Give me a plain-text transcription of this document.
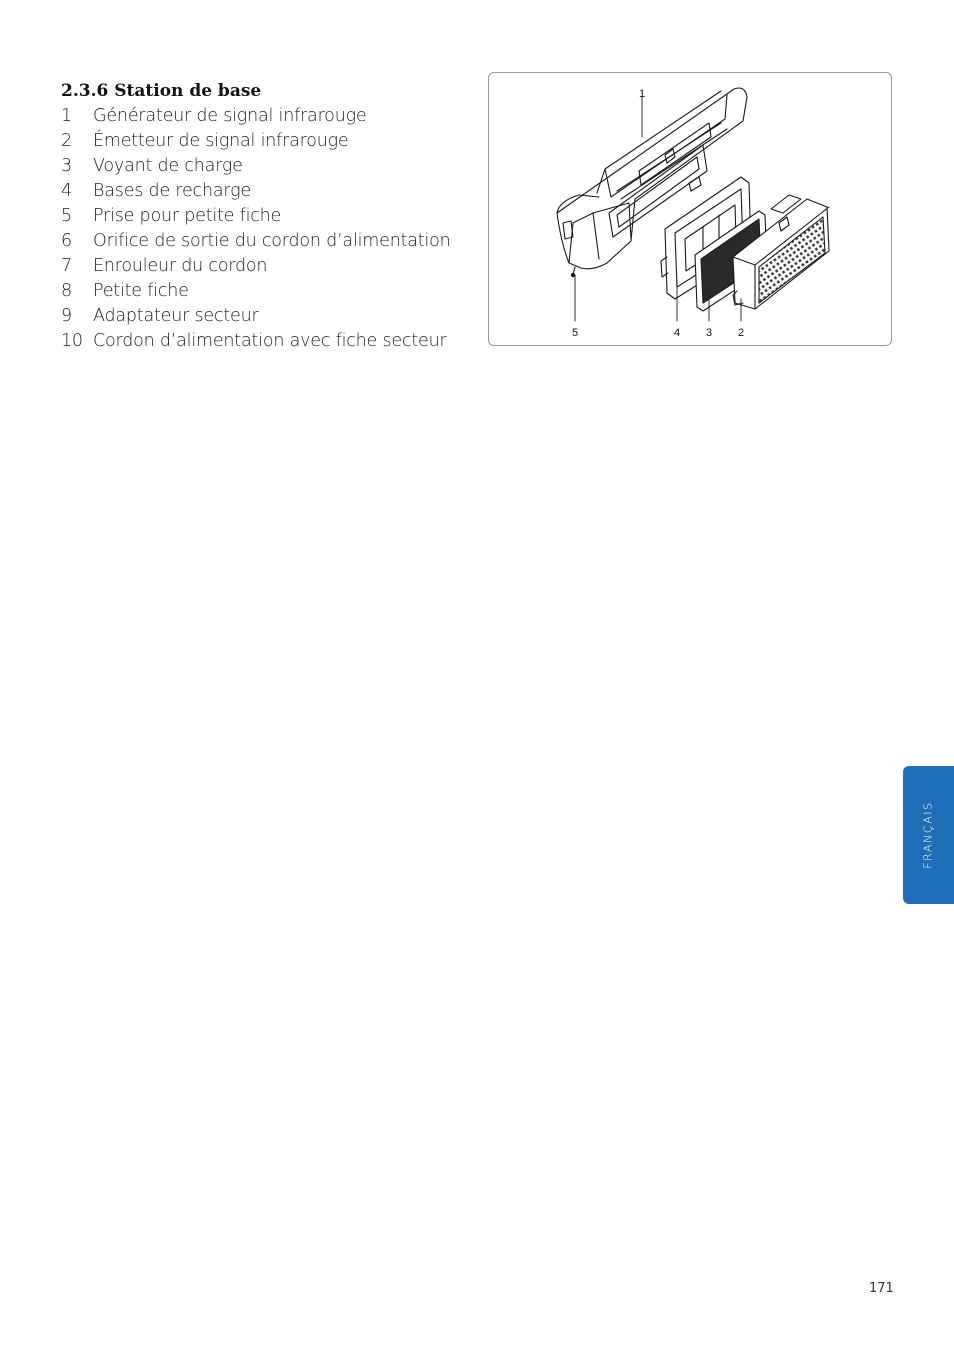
2.3.6 Station de base
1 Générateur de signal infrarouge
2 Émetteur de signal infrarouge
3 Voyant de charge
4 Bases de recharge
5 Prise pour petite fiche
6 Orifice de sortie du cordon d’alimentation
7 Enrouleur du cordon
8 Petite fiche
9 Adaptateur secteur
10 Cordon d’alimentation avec fiche secteur
1
5	4 3 2
FRANÇAIS
171
